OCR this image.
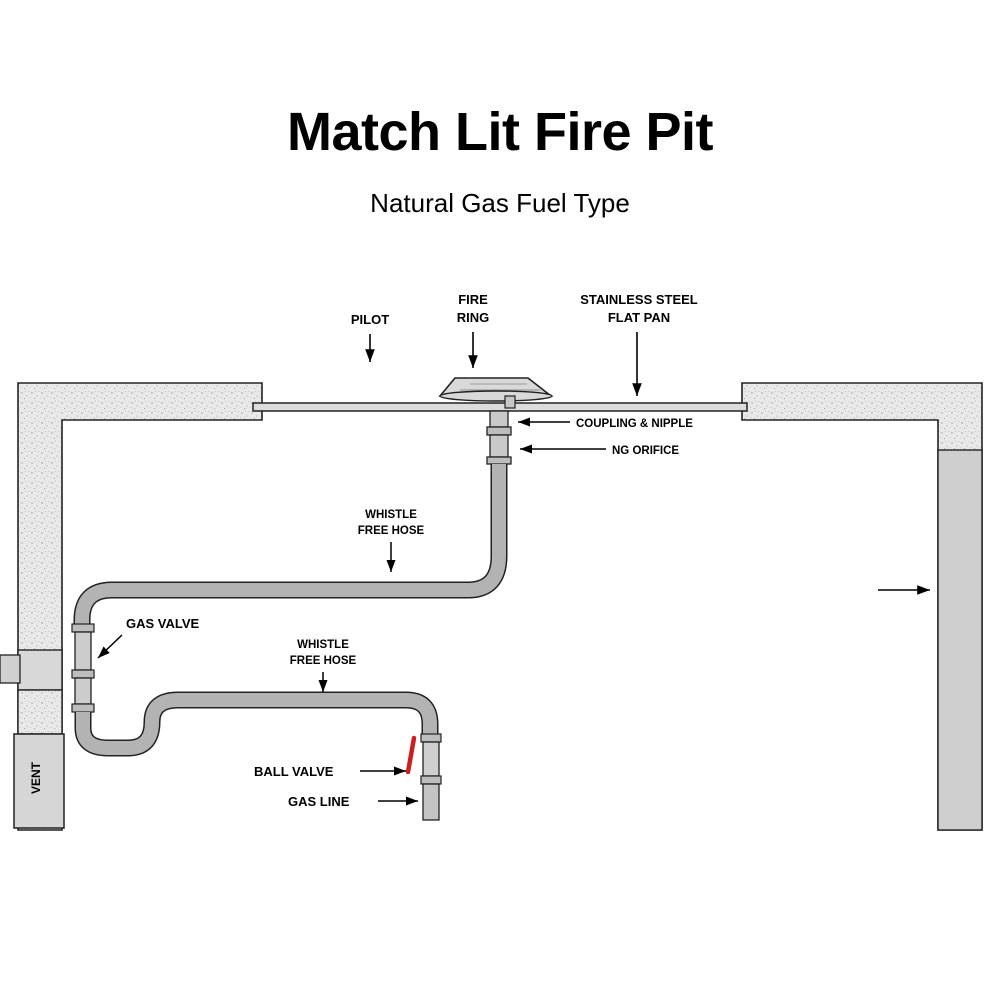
Match Lit Fire Pit
Natural Gas Fuel Type
VENT
PILOT
FIRE
RING
STAINLESS STEEL
FLAT PAN
COUPLING & NIPPLE
NG ORIFICE
WHISTLE
FREE HOSE
GAS VALVE
WHISTLE
FREE HOSE
BALL VALVE
GAS LINE
